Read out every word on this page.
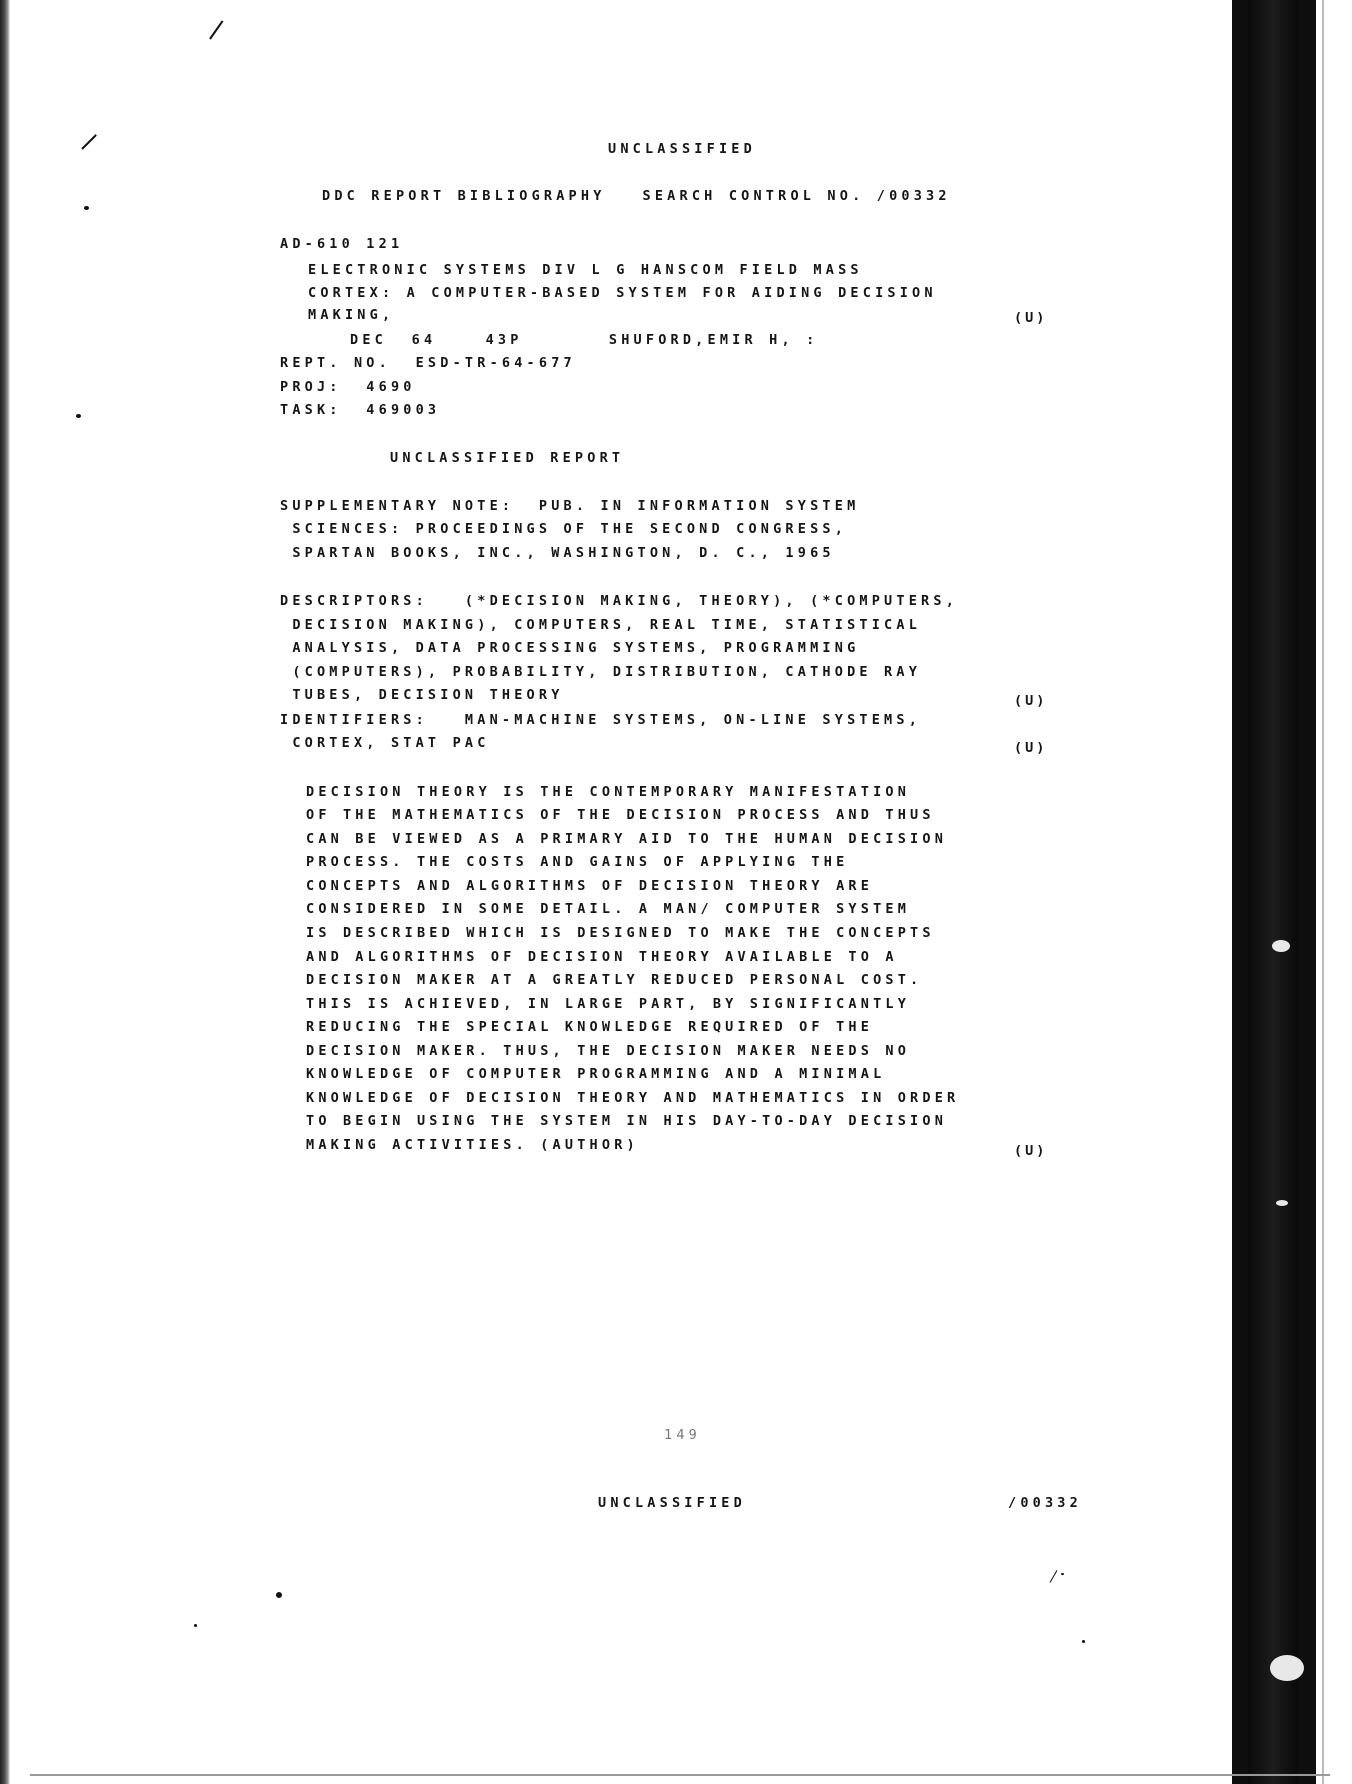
UNCLASSIFIED
DDC REPORT BIBLIOGRAPHY   SEARCH CONTROL NO. /00332
AD-610 121
ELECTRONIC SYSTEMS DIV L G HANSCOM FIELD MASS
CORTEX: A COMPUTER-BASED SYSTEM FOR AIDING DECISION
MAKING,	(U)
DEC  64    43P       SHUFORD,EMIR H, :
REPT. NO.  ESD-TR-64-677
PROJ:  4690
TASK:  469003
UNCLASSIFIED REPORT
SUPPLEMENTARY NOTE:  PUB. IN INFORMATION SYSTEM
SCIENCES: PROCEEDINGS OF THE SECOND CONGRESS,
SPARTAN BOOKS, INC., WASHINGTON, D. C., 1965
DESCRIPTORS:   (*DECISION MAKING, THEORY), (*COMPUTERS,
DECISION MAKING), COMPUTERS, REAL TIME, STATISTICAL
ANALYSIS, DATA PROCESSING SYSTEMS, PROGRAMMING
(COMPUTERS), PROBABILITY, DISTRIBUTION, CATHODE RAY
TUBES, DECISION THEORY	(U)
IDENTIFIERS:   MAN-MACHINE SYSTEMS, ON-LINE SYSTEMS,
CORTEX, STAT PAC	(U)
DECISION THEORY IS THE CONTEMPORARY MANIFESTATION
OF THE MATHEMATICS OF THE DECISION PROCESS AND THUS
CAN BE VIEWED AS A PRIMARY AID TO THE HUMAN DECISION
PROCESS. THE COSTS AND GAINS OF APPLYING THE
CONCEPTS AND ALGORITHMS OF DECISION THEORY ARE
CONSIDERED IN SOME DETAIL. A MAN/ COMPUTER SYSTEM
IS DESCRIBED WHICH IS DESIGNED TO MAKE THE CONCEPTS
AND ALGORITHMS OF DECISION THEORY AVAILABLE TO A
DECISION MAKER AT A GREATLY REDUCED PERSONAL COST.
THIS IS ACHIEVED, IN LARGE PART, BY SIGNIFICANTLY
REDUCING THE SPECIAL KNOWLEDGE REQUIRED OF THE
DECISION MAKER. THUS, THE DECISION MAKER NEEDS NO
KNOWLEDGE OF COMPUTER PROGRAMMING AND A MINIMAL
KNOWLEDGE OF DECISION THEORY AND MATHEMATICS IN ORDER
TO BEGIN USING THE SYSTEM IN HIS DAY-TO-DAY DECISION
MAKING ACTIVITIES. (AUTHOR)	(U)
149
UNCLASSIFIED	/00332
